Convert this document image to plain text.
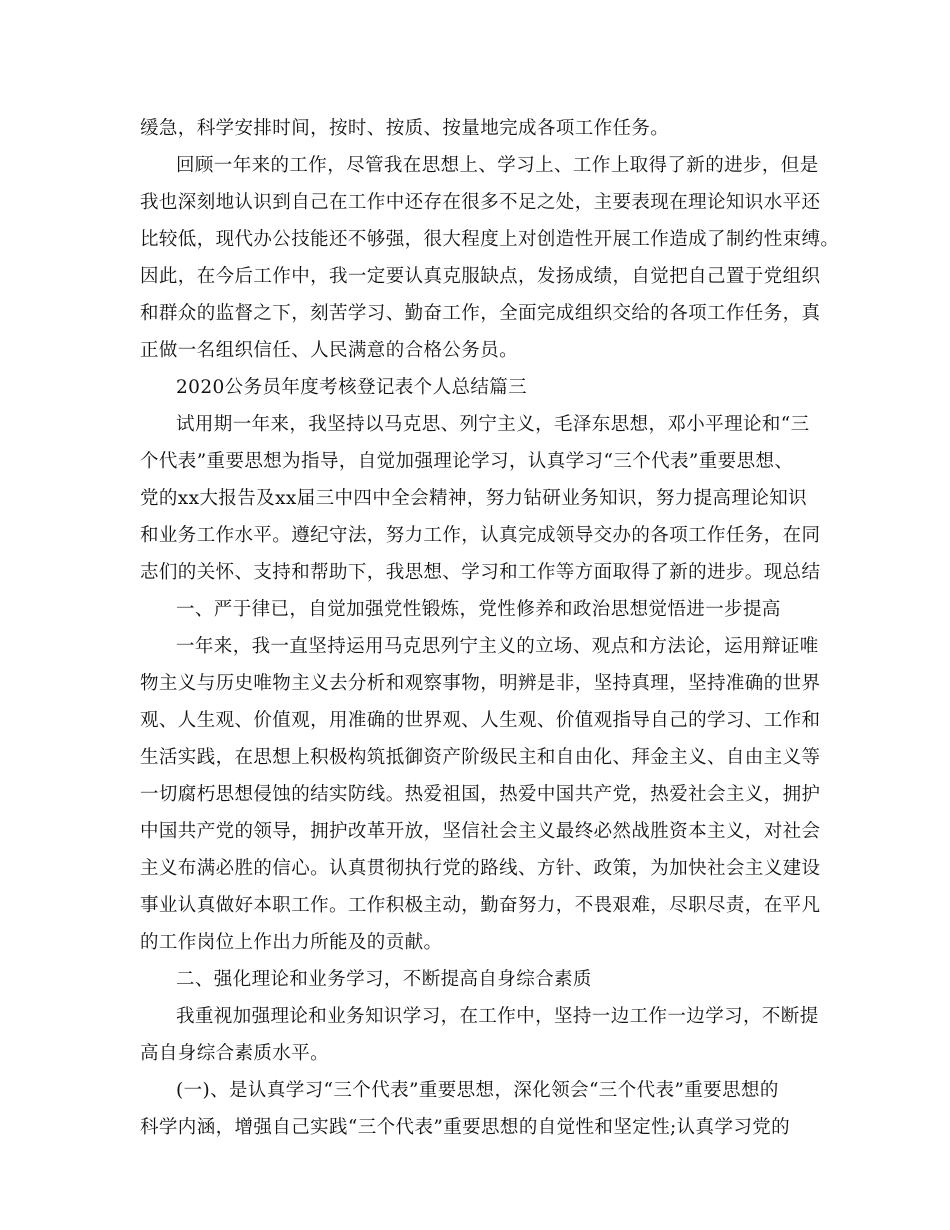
缓急，科学安排时间，按时、按质、按量地完成各项工作任务。
回顾一年来的工作，尽管我在思想上、学习上、工作上取得了新的进步，但是
我也深刻地认识到自己在工作中还存在很多不足之处，主要表现在理论知识水平还
比较低，现代办公技能还不够强，很大程度上对创造性开展工作造成了制约性束缚。
因此，在今后工作中，我一定要认真克服缺点，发扬成绩，自觉把自己置于党组织
和群众的监督之下，刻苦学习、勤奋工作，全面完成组织交给的各项工作任务，真
正做一名组织信任、人民满意的合格公务员。
2020公务员年度考核登记表个人总结篇三
试用期一年来，我坚持以马克思、列宁主义，毛泽东思想，邓小平理论和“三
个代表”重要思想为指导，自觉加强理论学习，认真学习“三个代表”重要思想、
党的xx大报告及xx届三中四中全会精神，努力钻研业务知识，努力提高理论知识
和业务工作水平。遵纪守法，努力工作，认真完成领导交办的各项工作任务，在同
志们的关怀、支持和帮助下，我思想、学习和工作等方面取得了新的进步。现总结
一、严于律已，自觉加强党性锻炼，党性修养和政治思想觉悟进一步提高
一年来，我一直坚持运用马克思列宁主义的立场、观点和方法论，运用辩证唯
物主义与历史唯物主义去分析和观察事物，明辨是非，坚持真理，坚持准确的世界
观、人生观、价值观，用准确的世界观、人生观、价值观指导自己的学习、工作和
生活实践，在思想上积极构筑抵御资产阶级民主和自由化、拜金主义、自由主义等
一切腐朽思想侵蚀的结实防线。热爱祖国，热爱中国共产党，热爱社会主义，拥护
中国共产党的领导，拥护改革开放，坚信社会主义最终必然战胜资本主义，对社会
主义布满必胜的信心。认真贯彻执行党的路线、方针、政策，为加快社会主义建设
事业认真做好本职工作。工作积极主动，勤奋努力，不畏艰难，尽职尽责，在平凡
的工作岗位上作出力所能及的贡献。
二、强化理论和业务学习，不断提高自身综合素质
我重视加强理论和业务知识学习，在工作中，坚持一边工作一边学习，不断提
高自身综合素质水平。
(一)、是认真学习“三个代表”重要思想，深化领会“三个代表”重要思想的
科学内涵，增强自己实践“三个代表”重要思想的自觉性和坚定性;认真学习党的
